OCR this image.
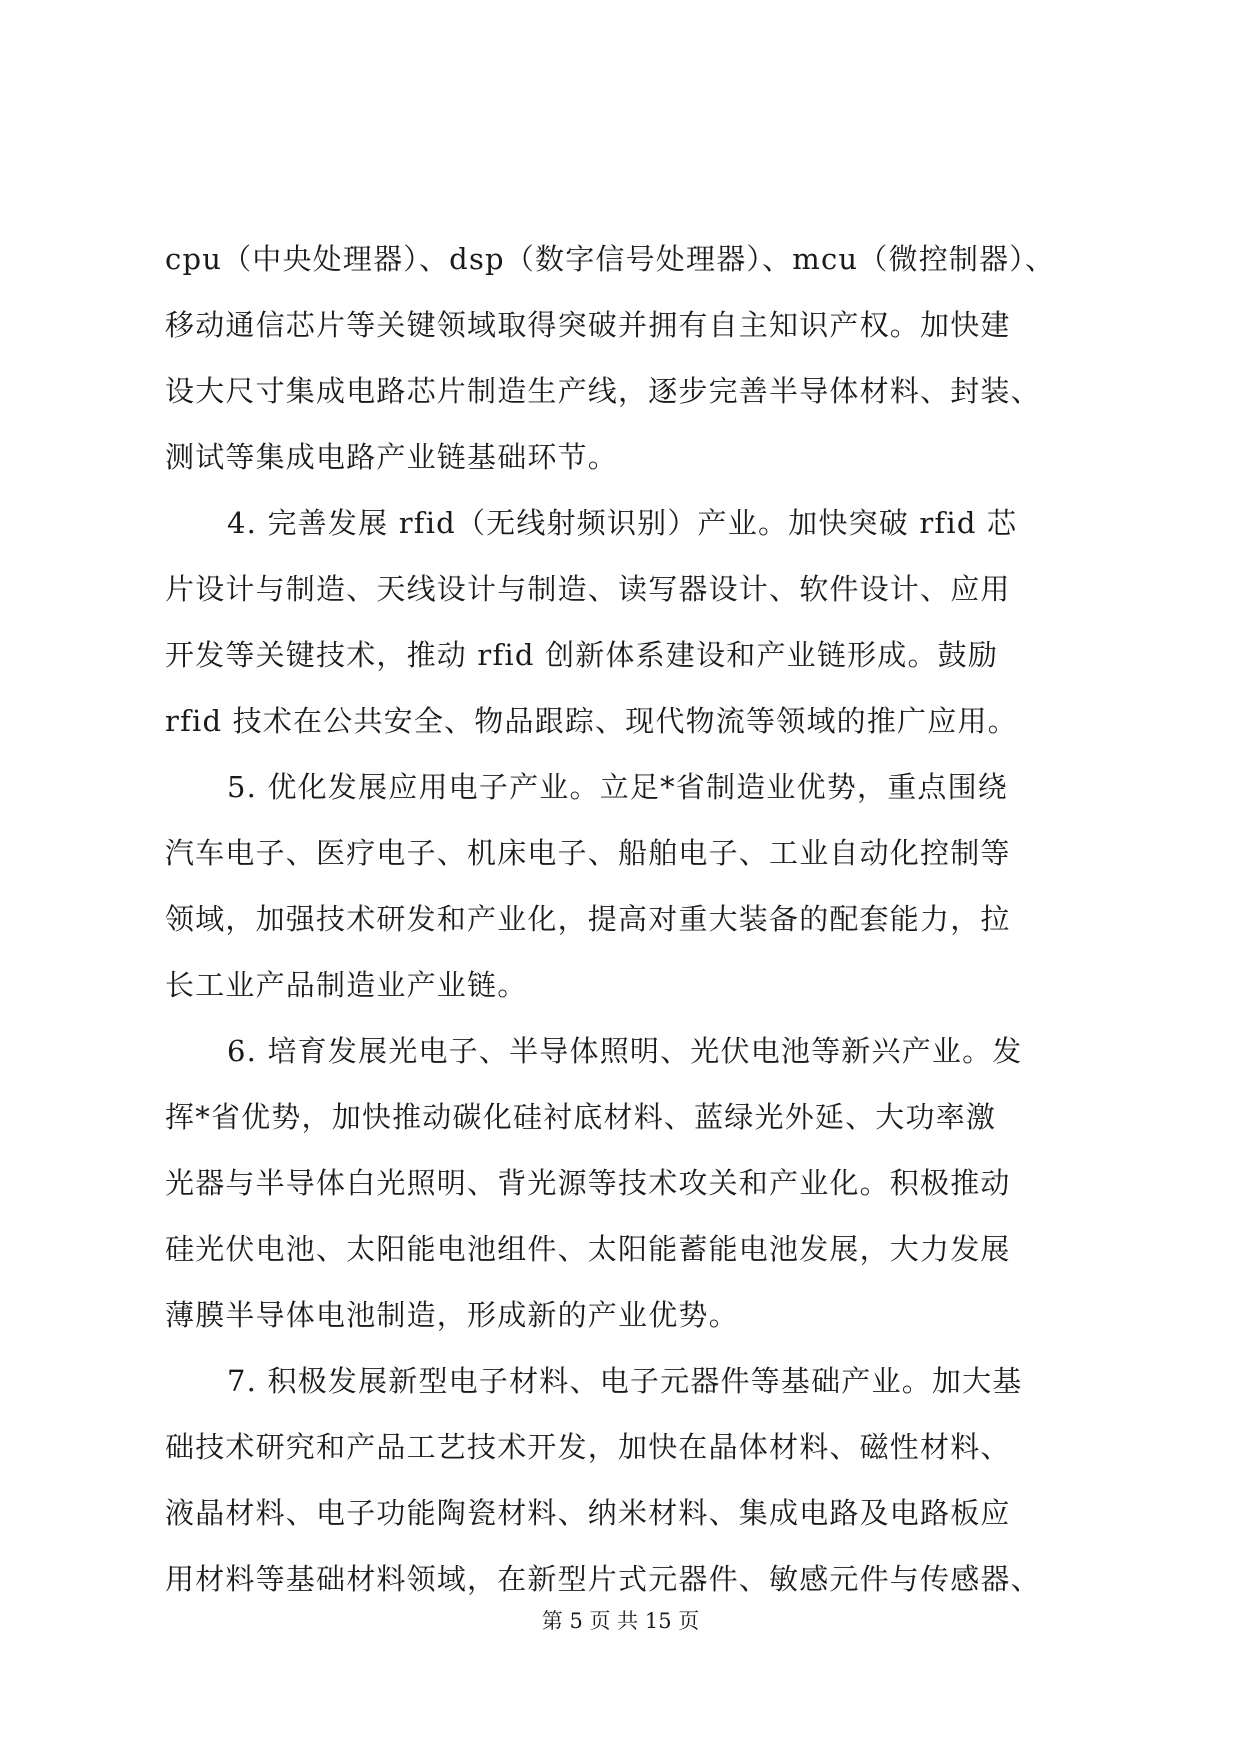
cpu（中央处理器）、dsp（数字信号处理器）、mcu（微控制器）、
移动通信芯片等关键领域取得突破并拥有自主知识产权。加快建
设大尺寸集成电路芯片制造生产线，逐步完善半导体材料、封装、
测试等集成电路产业链基础环节。
4. 完善发展 rfid（无线射频识别）产业。加快突破 rfid 芯
片设计与制造、天线设计与制造、读写器设计、软件设计、应用
开发等关键技术，推动 rfid 创新体系建设和产业链形成。鼓励
rfid 技术在公共安全、物品跟踪、现代物流等领域的推广应用。
5. 优化发展应用电子产业。立足*省制造业优势，重点围绕
汽车电子、医疗电子、机床电子、船舶电子、工业自动化控制等
领域，加强技术研发和产业化，提高对重大装备的配套能力，拉
长工业产品制造业产业链。
6. 培育发展光电子、半导体照明、光伏电池等新兴产业。发
挥*省优势，加快推动碳化硅衬底材料、蓝绿光外延、大功率激
光器与半导体白光照明、背光源等技术攻关和产业化。积极推动
硅光伏电池、太阳能电池组件、太阳能蓄能电池发展，大力发展
薄膜半导体电池制造，形成新的产业优势。
7. 积极发展新型电子材料、电子元器件等基础产业。加大基
础技术研究和产品工艺技术开发，加快在晶体材料、磁性材料、
液晶材料、电子功能陶瓷材料、纳米材料、集成电路及电路板应
用材料等基础材料领域，在新型片式元器件、敏感元件与传感器、
第 5 页 共 15 页
